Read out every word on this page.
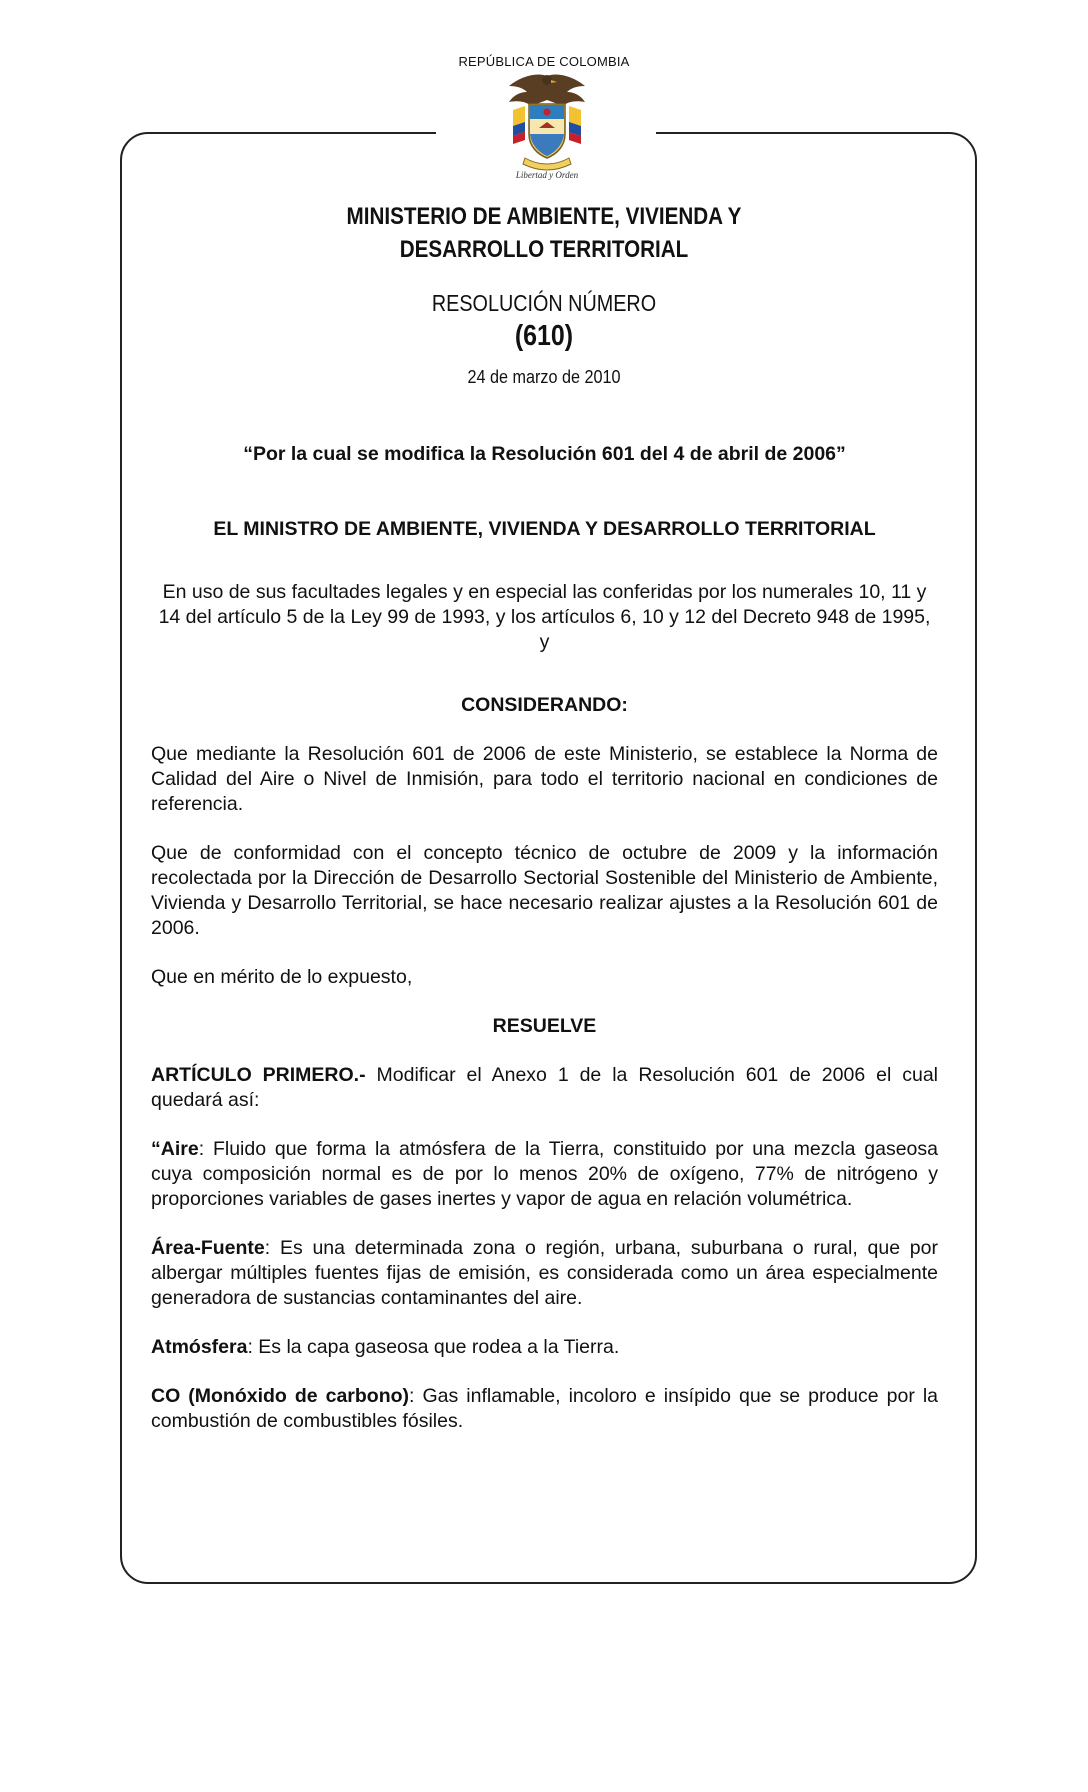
REPÚBLICA DE COLOMBIA
Libertad y Orden
MINISTERIO DE AMBIENTE, VIVIENDA Y
DESARROLLO TERRITORIAL
RESOLUCIÓN NÚMERO
(610)
24 de marzo de 2010

“Por la cual se modifica la Resolución 601 del 4 de abril de 2006”

EL MINISTRO DE AMBIENTE, VIVIENDA Y DESARROLLO TERRITORIAL

En uso de sus facultades legales y en especial las conferidas por los numerales 10, 11 y 14 del artículo 5 de la Ley 99 de 1993, y los artículos 6, 10 y 12 del Decreto 948 de 1995, y

CONSIDERANDO:

Que mediante la Resolución 601 de 2006 de este Ministerio, se establece la Norma de Calidad del Aire o Nivel de Inmisión, para todo el territorio nacional en condiciones de referencia.

Que de conformidad con el concepto técnico de octubre de 2009 y la información recolectada por la Dirección de Desarrollo Sectorial Sostenible del Ministerio de Ambiente, Vivienda y Desarrollo Territorial, se hace necesario realizar ajustes a la Resolución 601 de 2006.

Que en mérito de lo expuesto,

RESUELVE

ARTÍCULO PRIMERO.- Modificar el Anexo 1 de la Resolución 601 de 2006 el cual quedará así:

“Aire: Fluido que forma la atmósfera de la Tierra, constituido por una mezcla gaseosa cuya composición normal es de por lo menos 20% de oxígeno, 77% de nitrógeno y proporciones variables de gases inertes y vapor de agua en relación volumétrica.

Área-Fuente: Es una determinada zona o región, urbana, suburbana o rural, que por albergar múltiples fuentes fijas de emisión, es considerada como un área especialmente generadora de sustancias contaminantes del aire.

Atmósfera: Es la capa gaseosa que rodea a la Tierra.

CO (Monóxido de carbono): Gas inflamable, incoloro e insípido que se produce por la combustión de combustibles fósiles.
